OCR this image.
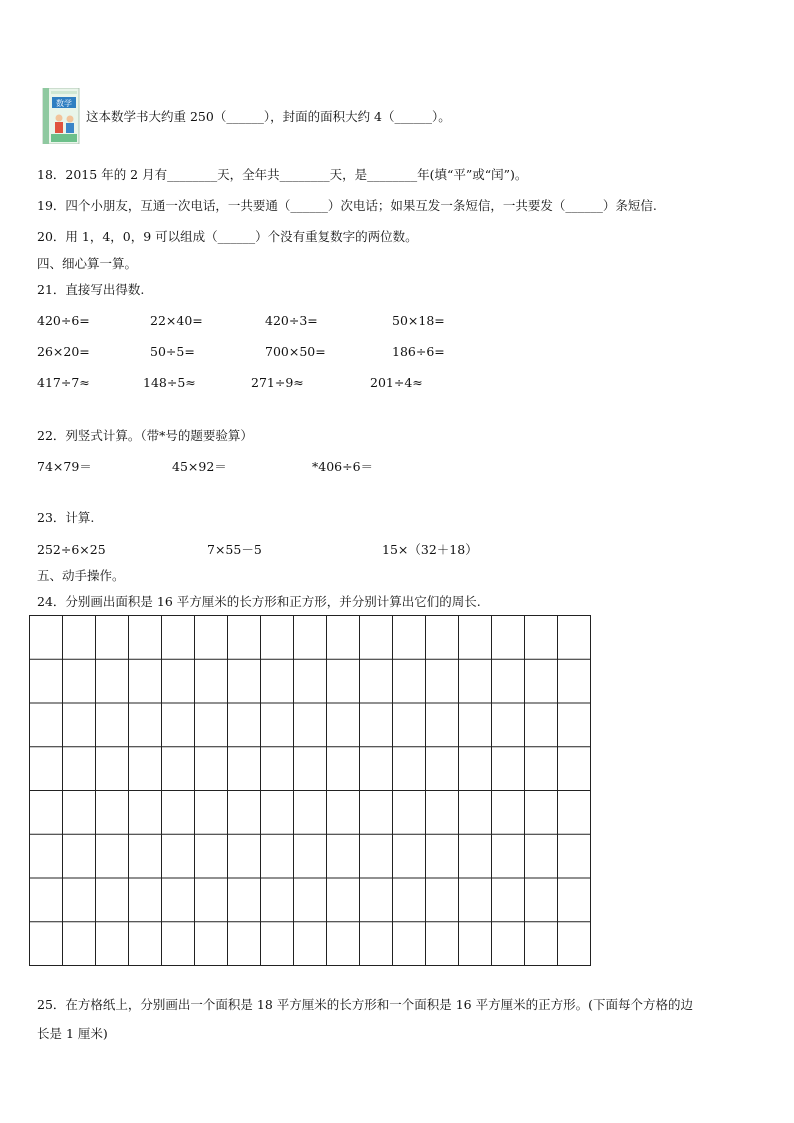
数学
这本数学书大约重 250（______），封面的面积大约 4（______）。
18．2015 年的 2 月有________天，全年共________天，是________年(填“平”或“闰”)。
19．四个小朋友，互通一次电话，一共要通（______）次电话；如果互发一条短信，一共要发（______）条短信.
20．用 1，4，0，9 可以组成（______）个没有重复数字的两位数。
四、细心算一算。
21．直接写出得数.
420÷6=	22×40=	420÷3=	50×18=
26×20=	50÷5=	700×50=	186÷6=
417÷7≈	148÷5≈	271÷9≈	201÷4≈
22．列竖式计算。（带*号的题要验算）
74×79＝	45×92＝	*406÷6＝
23．计算.
252÷6×25	7×55－5	15×（32＋18）
五、动手操作。
24．分别画出面积是 16 平方厘米的长方形和正方形，并分别计算出它们的周长.
25．在方格纸上，分别画出一个面积是 18 平方厘米的长方形和一个面积是 16 平方厘米的正方形。(下面每个方格的边
长是 1 厘米)
